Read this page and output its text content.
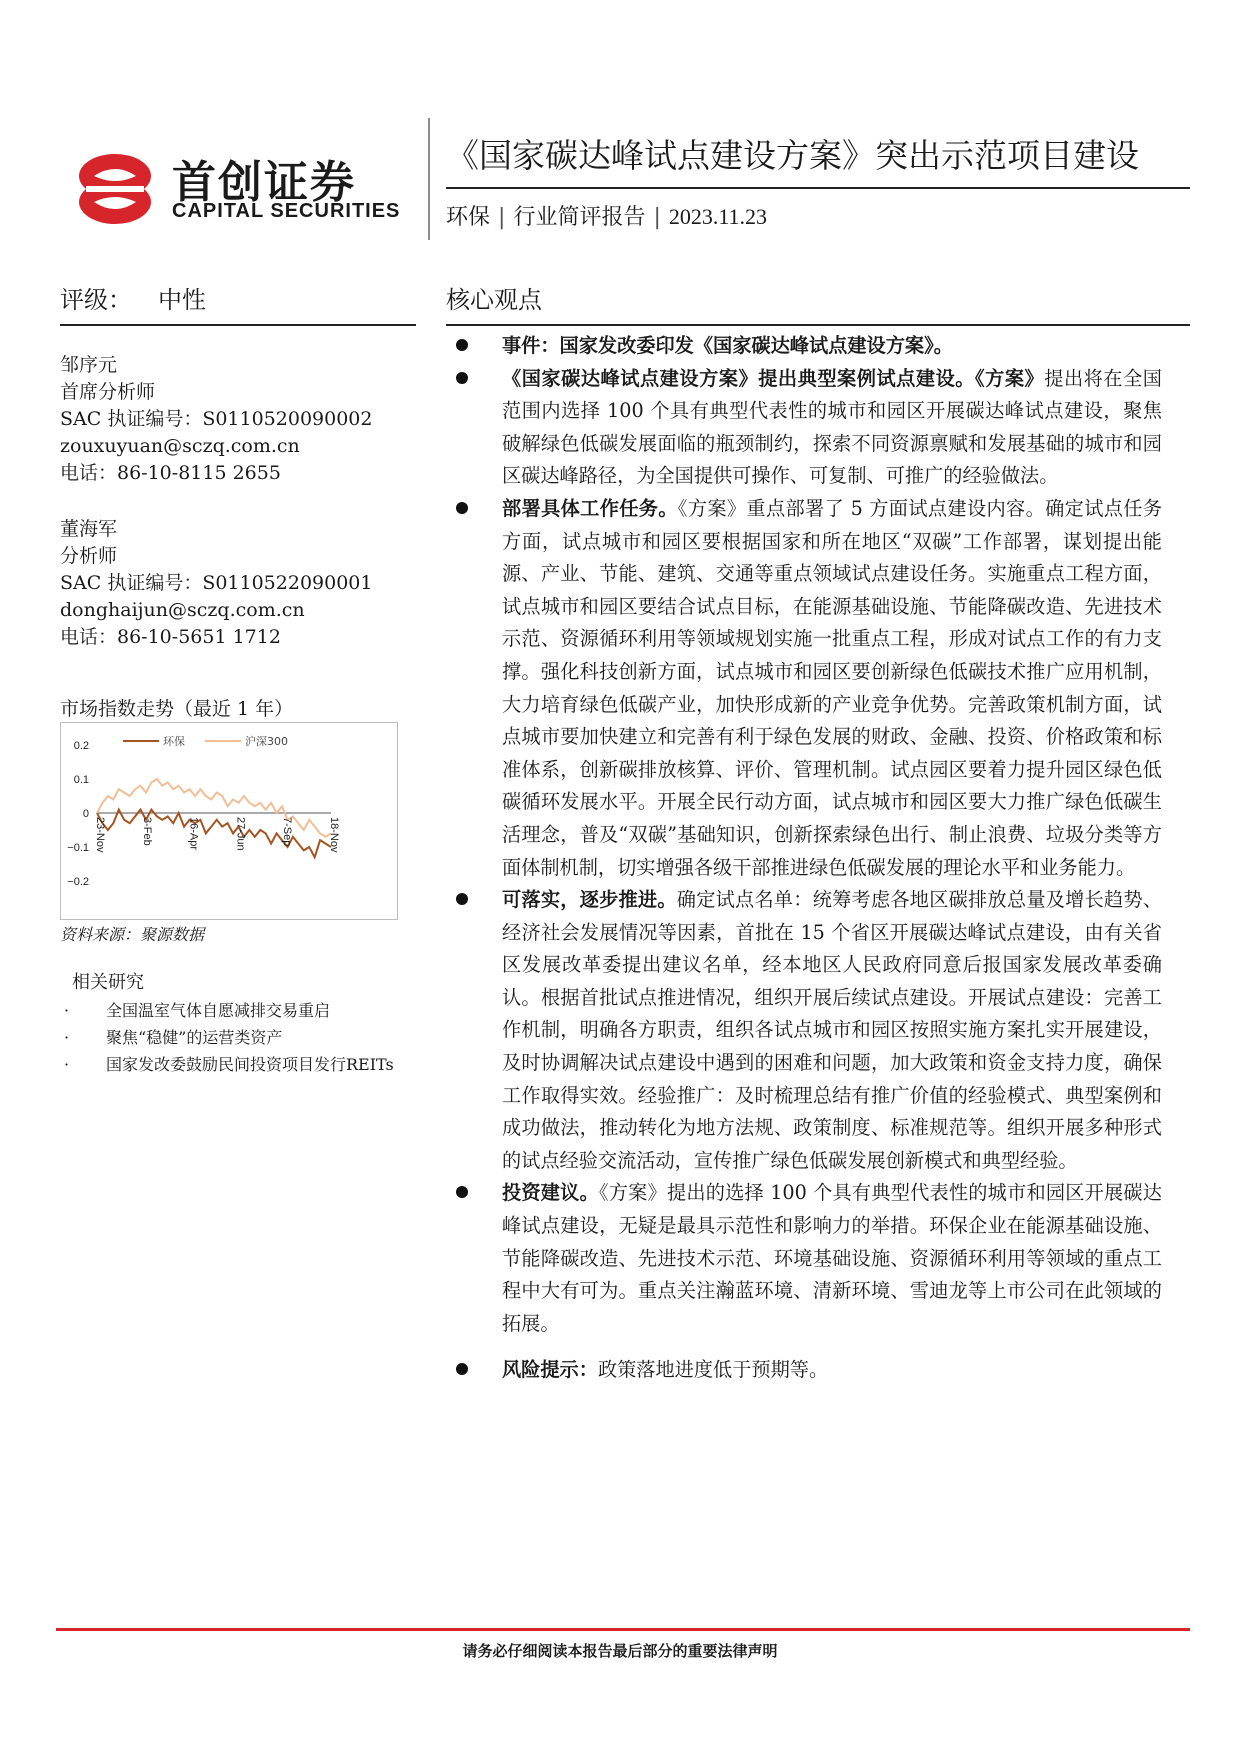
首创证券
CAPITAL SECURITIES
《国家碳达峰试点建设方案》突出示范项目建设
环保 | 行业简评报告 | 2023.11.23
评级： 中性
邹序元
首席分析师
SAC 执证编号：S0110520090002
zouxuyuan@sczq.com.cn
电话：86-10-8115 2655
董海军
分析师
SAC 执证编号：S0110522090001
donghaijun@sczq.com.cn
电话：86-10-5651 1712
市场指数走势（最近 1 年）
0.2
0.1
0
−0.1
−0.2
23-Nov	3-Feb	16-Apr	27-Jun	7-Sep	18-Nov
环保	沪深300
资料来源：聚源数据
相关研究
· 全国温室气体自愿减排交易重启
· 聚焦“稳健”的运营类资产
· 国家发改委鼓励民间投资项目发行REITs
核心观点
事件：国家发改委印发《国家碳达峰试点建设方案》。
《国家碳达峰试点建设方案》提出典型案例试点建设。《方案》提出将在全国范围内选择 100 个具有典型代表性的城市和园区开展碳达峰试点建设，聚焦破解绿色低碳发展面临的瓶颈制约，探索不同资源禀赋和发展基础的城市和园区碳达峰路径，为全国提供可操作、可复制、可推广的经验做法。
部署具体工作任务。《方案》重点部署了 5 方面试点建设内容。确定试点任务方面，试点城市和园区要根据国家和所在地区“双碳”工作部署，谋划提出能源、产业、节能、建筑、交通等重点领域试点建设任务。实施重点工程方面，试点城市和园区要结合试点目标，在能源基础设施、节能降碳改造、先进技术示范、资源循环利用等领域规划实施一批重点工程，形成对试点工作的有力支撑。强化科技创新方面，试点城市和园区要创新绿色低碳技术推广应用机制，大力培育绿色低碳产业，加快形成新的产业竞争优势。完善政策机制方面，试点城市要加快建立和完善有利于绿色发展的财政、金融、投资、价格政策和标准体系，创新碳排放核算、评价、管理机制。试点园区要着力提升园区绿色低碳循环发展水平。开展全民行动方面，试点城市和园区要大力推广绿色低碳生活理念，普及“双碳”基础知识，创新探索绿色出行、制止浪费、垃圾分类等方面体制机制，切实增强各级干部推进绿色低碳发展的理论水平和业务能力。
可落实，逐步推进。确定试点名单：统筹考虑各地区碳排放总量及增长趋势、经济社会发展情况等因素，首批在 15 个省区开展碳达峰试点建设，由有关省区发展改革委提出建议名单，经本地区人民政府同意后报国家发展改革委确认。根据首批试点推进情况，组织开展后续试点建设。开展试点建设：完善工作机制，明确各方职责，组织各试点城市和园区按照实施方案扎实开展建设，及时协调解决试点建设中遇到的困难和问题，加大政策和资金支持力度，确保工作取得实效。经验推广：及时梳理总结有推广价值的经验模式、典型案例和成功做法，推动转化为地方法规、政策制度、标准规范等。组织开展多种形式的试点经验交流活动，宣传推广绿色低碳发展创新模式和典型经验。
投资建议。《方案》提出的选择 100 个具有典型代表性的城市和园区开展碳达峰试点建设，无疑是最具示范性和影响力的举措。环保企业在能源基础设施、节能降碳改造、先进技术示范、环境基础设施、资源循环利用等领域的重点工程中大有可为。重点关注瀚蓝环境、清新环境、雪迪龙等上市公司在此领域的拓展。
风险提示：政策落地进度低于预期等。
请务必仔细阅读本报告最后部分的重要法律声明
